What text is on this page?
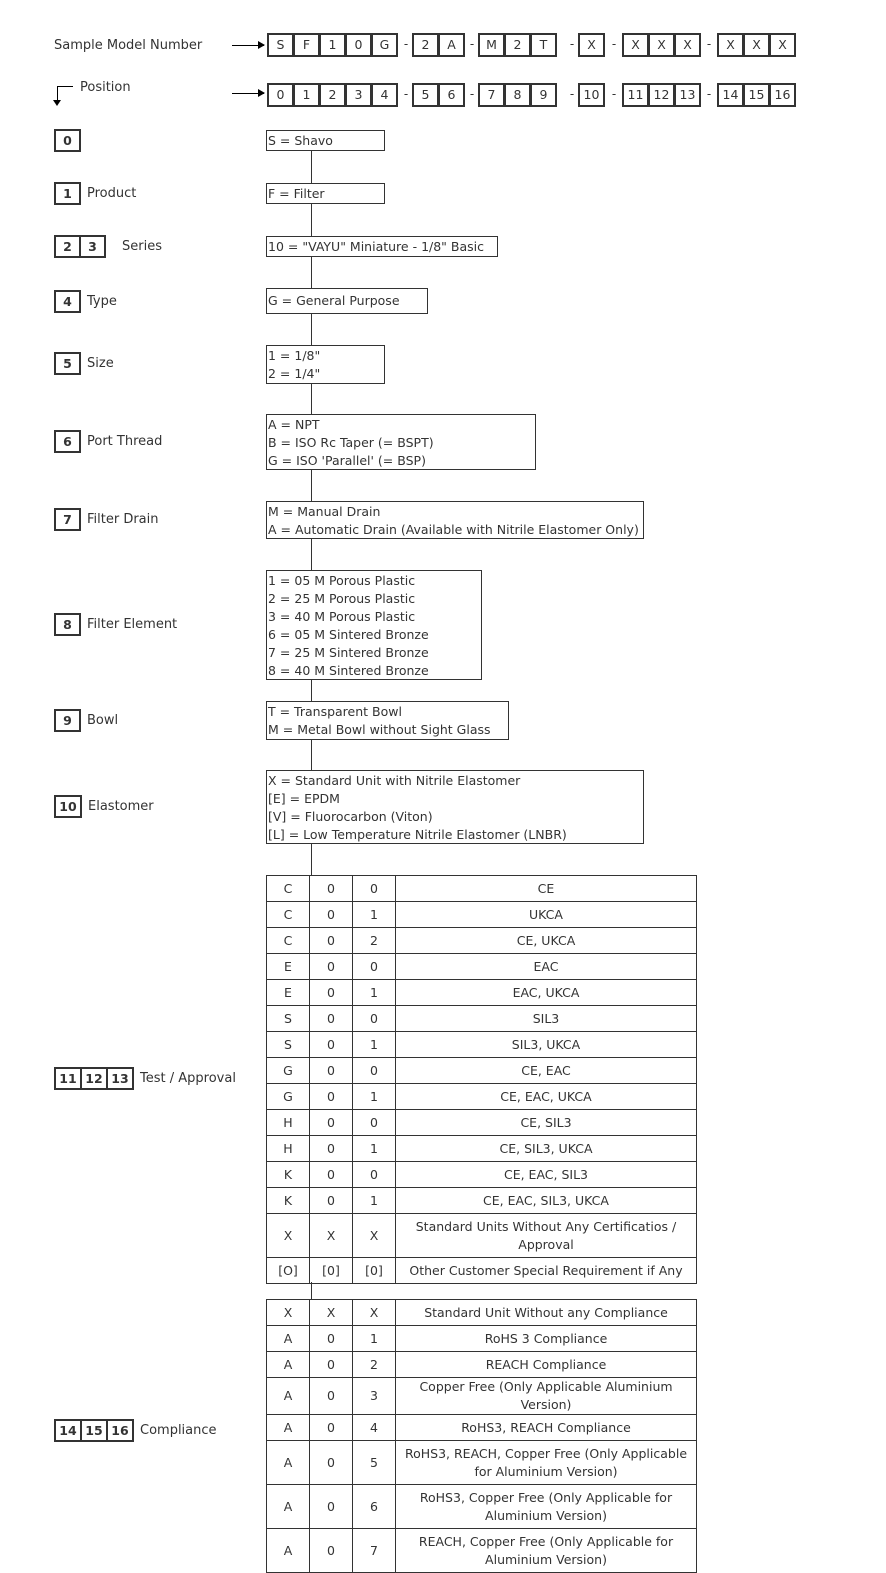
Sample Model Number	S	F	1	0	G	-	2	A	- M	2	T	-	X	-	X	X	X	-	X	X	X
Position	0	1	2	3	4	-	5	6	-	7	8	9	- 10	- 11 12 13 - 14 15 16
0
1	Product
2	3	Series
4	Type
5	Size
6	Port Thread
7	Filter Drain
8	Filter Element
9	Bowl
10 Elastomer
11 12 13 Test / Approval
14 15 16 Compliance
S = Shavo
F = Filter
10 = "VAYU" Miniature - 1/8" Basic
G = General Purpose
1 = 1/8"
2 = 1/4"
A = NPT
B = ISO Rc Taper (= BSPT)
G = ISO 'Parallel' (= BSP)
M = Manual Drain
A = Automatic Drain (Available with Nitrile Elastomer Only)
1 = 05 M Porous Plastic
2 = 25 M Porous Plastic
3 = 40 M Porous Plastic
6 = 05 M Sintered Bronze
7 = 25 M Sintered Bronze
8 = 40 M Sintered Bronze
T = Transparent Bowl
M = Metal Bowl without Sight Glass
X = Standard Unit with Nitrile Elastomer
[E] = EPDM
[V] = Fluorocarbon (Viton)
[L] = Low Temperature Nitrile Elastomer (LNBR)
C	0	0	CE
C	0	1	UKCA
C	0	2	CE, UKCA
E	0	0	EAC
E	0	1	EAC, UKCA
S	0	0	SIL3
S	0	1	SIL3, UKCA
G	0	0	CE, EAC
G	0	1	CE, EAC, UKCA
H	0	0	CE, SIL3
H	0	1	CE, SIL3, UKCA
K	0	0	CE, EAC, SIL3
K	0	1	CE, EAC, SIL3, UKCA
X	X	X	Standard Units Without Any Certificatios / Approval
[O]	[0]	[0]	Other Customer Special Requirement if Any
X	X	X	Standard Unit Without any Compliance
A	0	1	RoHS 3 Compliance
A	0	2	REACH Compliance
A	0	3	Copper Free (Only Applicable Aluminium Version)
A	0	4	RoHS3, REACH Compliance
A	0	5	RoHS3, REACH, Copper Free (Only Applicable for Aluminium Version)
A	0	6	RoHS3, Copper Free (Only Applicable for Aluminium Version)
A	0	7	REACH, Copper Free (Only Applicable for Aluminium Version)
